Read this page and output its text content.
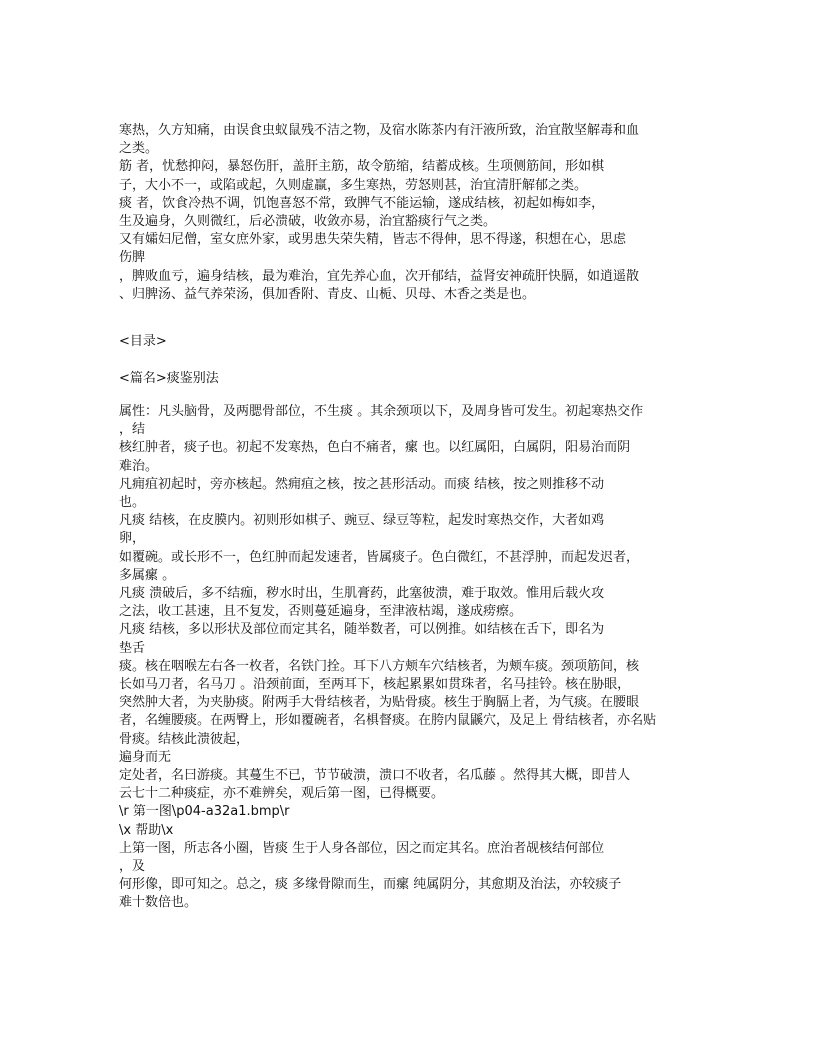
寒热，久方知痛，由误食虫蚁鼠残不洁之物，及宿水陈茶内有汗液所致，治宜散坚解毒和血
之类。
筋 者，忧愁抑闷，暴怒伤肝，盖肝主筋，故令筋缩，结蓄成核。生项侧筋间，形如棋
子，大小不一，或陷或起，久则虚羸，多生寒热，劳怒则甚，治宜清肝解郁之类。
痰 者，饮食冷热不调，饥饱喜怒不常，致脾气不能运输，遂成结核，初起如梅如李，
生及遍身，久则微红，后必溃破，收敛亦易，治宜豁痰行气之类。
又有孀妇尼僧，室女庶外家，或男患失荣失精，皆志不得伸，思不得遂，积想在心，思虑
伤脾
，脾败血亏，遍身结核，最为难治，宜先养心血，次开郁结，益肾安神疏肝快膈，如逍遥散
、归脾汤、益气养荣汤，俱加香附、青皮、山栀、贝母、木香之类是也。
<目录>
<篇名>痰鉴别法
属性：凡头脑骨，及两腮骨部位，不生痰 。其余颈项以下，及周身皆可发生。初起寒热交作
，结
核红肿者，痰子也。初起不发寒热，色白不痛者，瘰 也。以红属阳，白属阴，阳易治而阴
难治。
凡痈疽初起时，旁亦核起。然痈疽之核，按之甚形活动。而痰 结核，按之则推移不动
也。
凡痰 结核，在皮膜内。初则形如棋子、豌豆、绿豆等粒，起发时寒热交作，大者如鸡
卵，
如覆碗。或长形不一，色红肿而起发速者，皆属痰子。色白微红，不甚浮肿，而起发迟者，
多属瘰 。
凡痰 溃破后，多不结痂，秽水时出，生肌膏药，此塞彼溃，难于取效。惟用后载火攻
之法，收工甚速，且不复发，否则蔓延遍身，至津液枯竭，遂成痨瘵。
凡痰 结核，多以形状及部位而定其名，随举数者，可以例推。如结核在舌下，即名为
垫舌
痰。核在咽喉左右各一枚者，名铁门拴。耳下八方颊车穴结核者，为颊车痰。颈项筋间，核
长如马刀者，名马刀 。沿颈前面，至两耳下，核起累累如贯珠者，名马挂铃。核在胁眼，
突然肿大者，为夹胁痰。附两手大骨结核者，为贴骨痰。核生于胸膈上者，为气痰。在腰眼
者，名缠腰痰。在两臀上，形如覆碗者，名椇督痰。在胯内鼠鼷穴，及足上 骨结核者，亦名贴
骨痰。结核此溃彼起，
遍身而无
定处者，名曰游痰。其蔓生不已，节节破溃，溃口不收者，名瓜藤 。然得其大概，即昔人
云七十二种痰症，亦不难辨矣，观后第一图，已得概要。
\r 第一图\p04-a32a1.bmp\r
\x 帮助\x
上第一图，所志各小圈，皆痰 生于人身各部位，因之而定其名。庶治者觇核结何部位
，及
何形像，即可知之。总之，痰 多缘骨隙而生，而瘰 纯属阴分，其愈期及治法，亦较痰子
难十数倍也。
